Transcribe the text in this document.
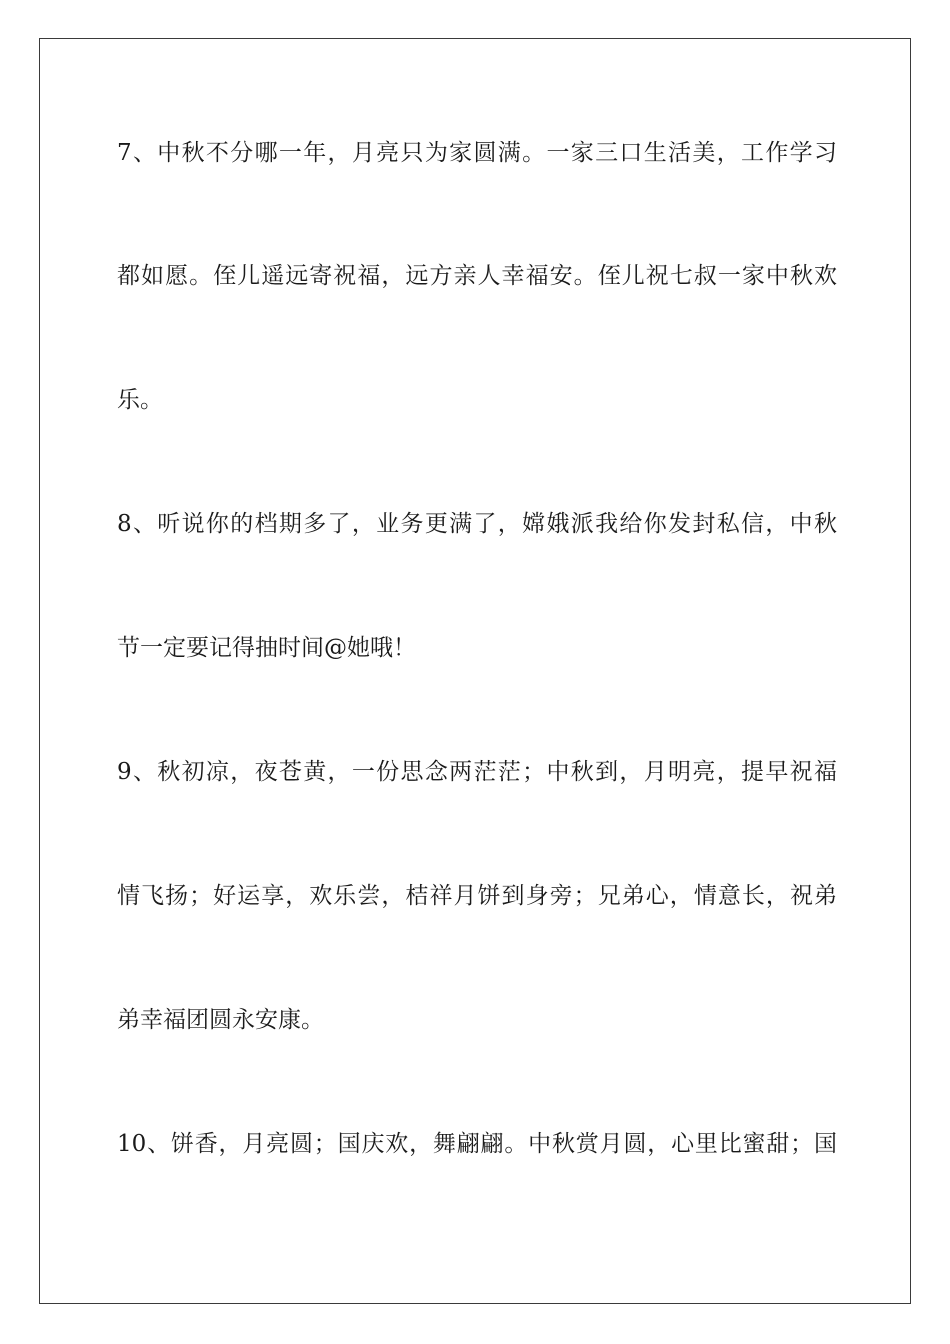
7、中秋不分哪一年，月亮只为家圆满。一家三口生活美，工作学习
都如愿。侄儿遥远寄祝福，远方亲人幸福安。侄儿祝七叔一家中秋欢
乐。
8、听说你的档期多了，业务更满了，嫦娥派我给你发封私信，中秋
节一定要记得抽时间@她哦！
9、秋初凉，夜苍黄，一份思念两茫茫；中秋到，月明亮，提早祝福
情飞扬；好运享，欢乐尝，桔祥月饼到身旁；兄弟心，情意长，祝弟
弟幸福团圆永安康。
10、饼香，月亮圆；国庆欢，舞翩翩。中秋赏月圆，心里比蜜甜；国
